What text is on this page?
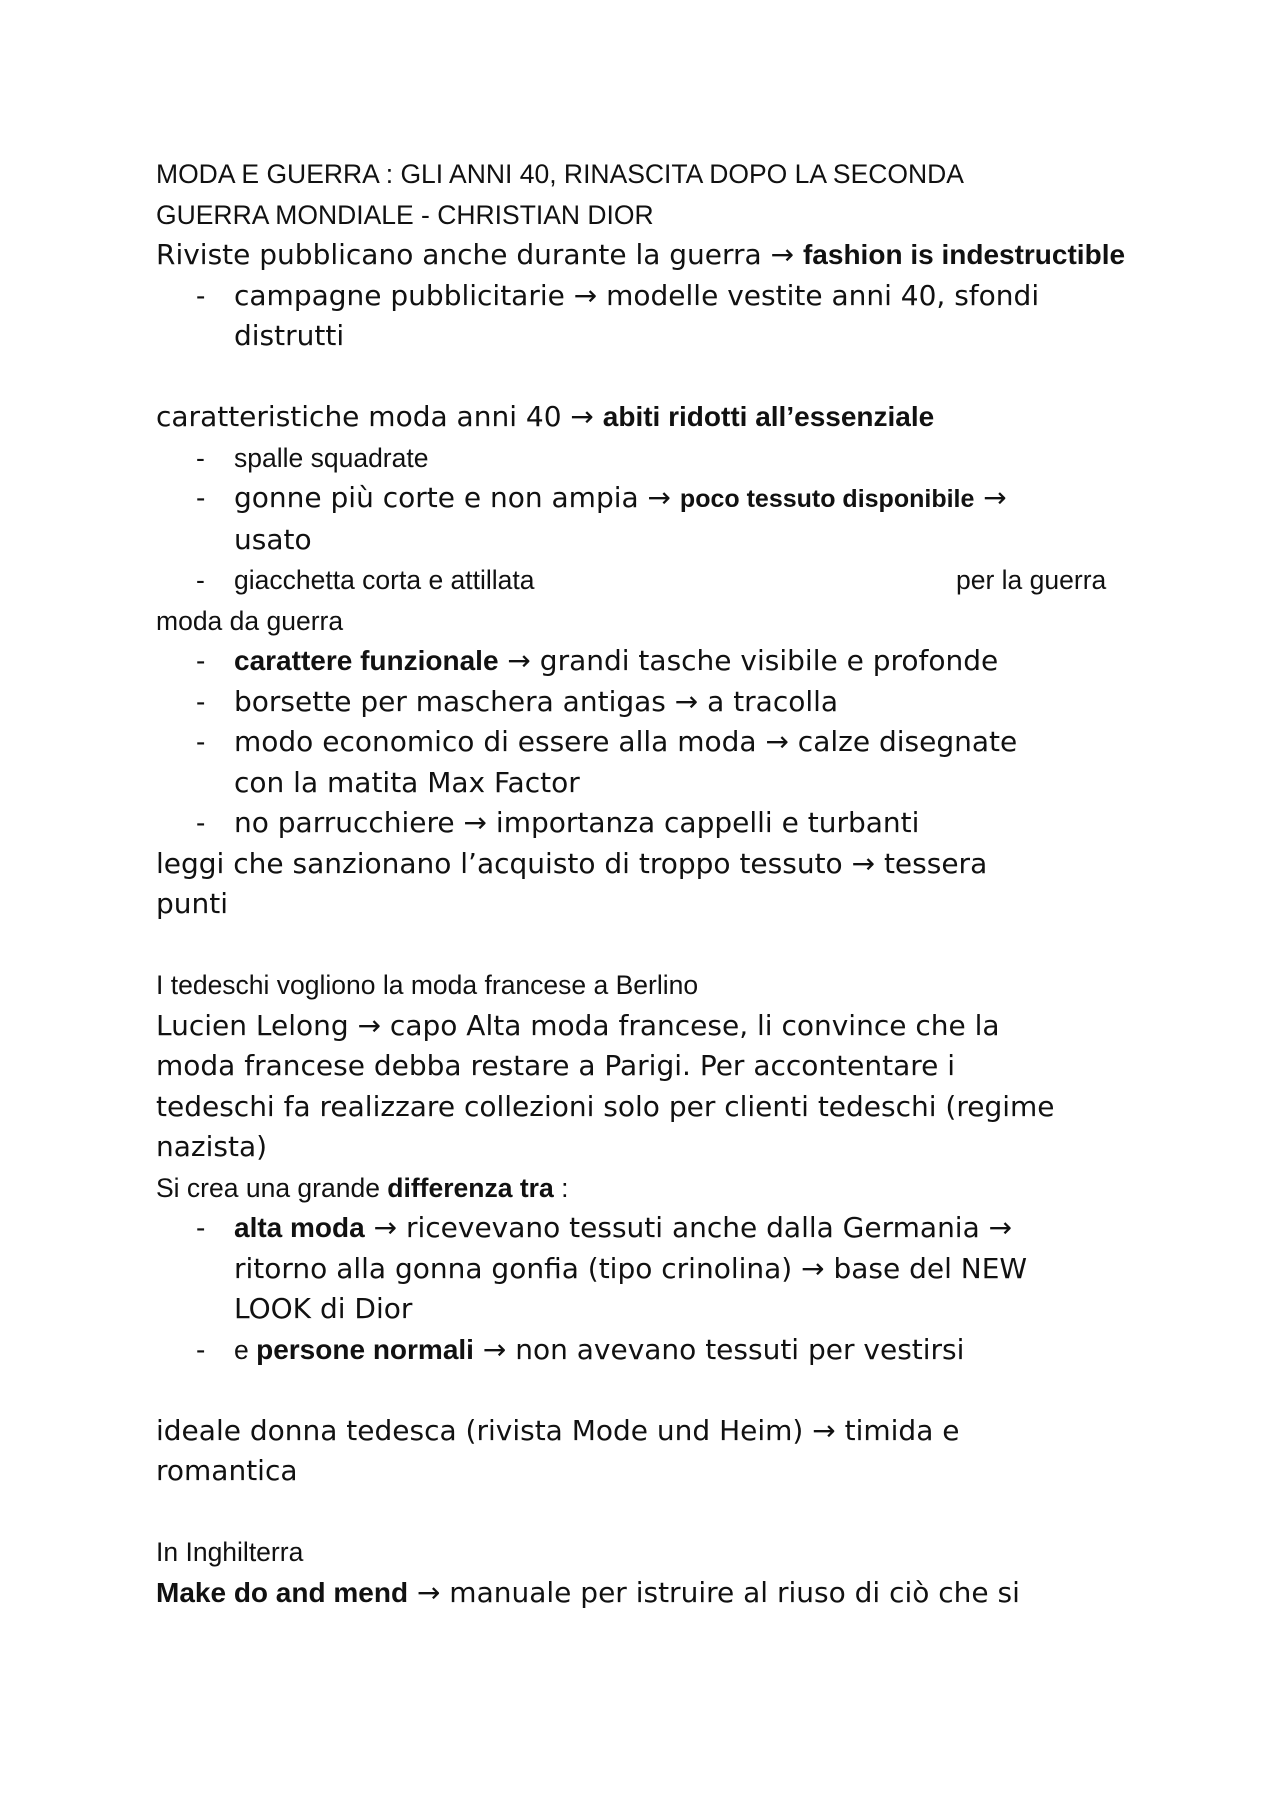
MODA E GUERRA : GLI ANNI 40, RINASCITA DOPO LA SECONDA
GUERRA MONDIALE - CHRISTIAN DIOR
Riviste pubblicano anche durante la guerra → fashion is indestructible
- campagne pubblicitarie → modelle vestite anni 40, sfondi
distrutti
caratteristiche moda anni 40 → abiti ridotti all’essenziale
- spalle squadrate
- gonne più corte e non ampia → poco tessuto disponibile →
usato
- giacchetta corta e attillata	per la guerra
moda da guerra
- carattere funzionale → grandi tasche visibile e profonde
- borsette per maschera antigas → a tracolla
- modo economico di essere alla moda → calze disegnate
con la matita Max Factor
- no parrucchiere → importanza cappelli e turbanti
leggi che sanzionano l’acquisto di troppo tessuto → tessera
punti
I tedeschi vogliono la moda francese a Berlino
Lucien Lelong → capo Alta moda francese, li convince che la
moda francese debba restare a Parigi. Per accontentare i
tedeschi fa realizzare collezioni solo per clienti tedeschi (regime
nazista)
Si crea una grande differenza tra :
- alta moda → ricevevano tessuti anche dalla Germania →
ritorno alla gonna gonfia (tipo crinolina) → base del NEW
LOOK di Dior
- e persone normali → non avevano tessuti per vestirsi
ideale donna tedesca (rivista Mode und Heim) → timida e
romantica
In Inghilterra
Make do and mend → manuale per istruire al riuso di ciò che si
